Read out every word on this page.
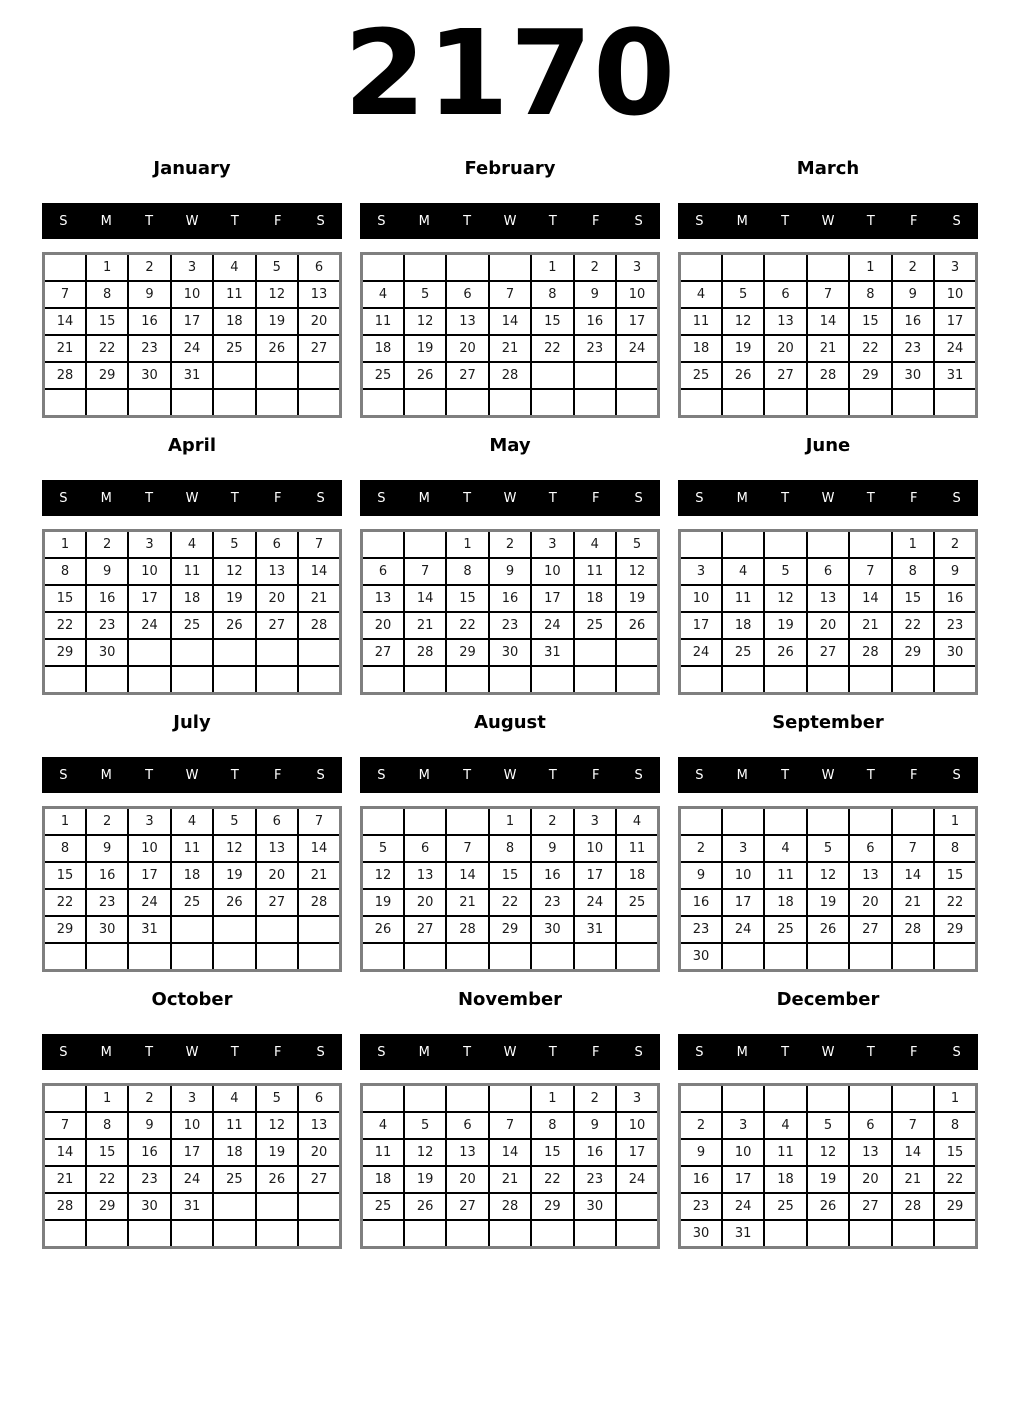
2170
January
S	M	T	W	T	F	S
	1	2	3	4	5	6
7	8	9	10	11	12	13
14	15	16	17	18	19	20
21	22	23	24	25	26	27
28	29	30	31			

February
S	M	T	W	T	F	S
				1	2	3
4	5	6	7	8	9	10
11	12	13	14	15	16	17
18	19	20	21	22	23	24
25	26	27	28			

March
S	M	T	W	T	F	S
				1	2	3
4	5	6	7	8	9	10
11	12	13	14	15	16	17
18	19	20	21	22	23	24
25	26	27	28	29	30	31

April
S	M	T	W	T	F	S
1	2	3	4	5	6	7
8	9	10	11	12	13	14
15	16	17	18	19	20	21
22	23	24	25	26	27	28
29	30					

May
S	M	T	W	T	F	S
		1	2	3	4	5
6	7	8	9	10	11	12
13	14	15	16	17	18	19
20	21	22	23	24	25	26
27	28	29	30	31		

June
S	M	T	W	T	F	S
					1	2
3	4	5	6	7	8	9
10	11	12	13	14	15	16
17	18	19	20	21	22	23
24	25	26	27	28	29	30

July
S	M	T	W	T	F	S
1	2	3	4	5	6	7
8	9	10	11	12	13	14
15	16	17	18	19	20	21
22	23	24	25	26	27	28
29	30	31				

August
S	M	T	W	T	F	S
			1	2	3	4
5	6	7	8	9	10	11
12	13	14	15	16	17	18
19	20	21	22	23	24	25
26	27	28	29	30	31	

September
S	M	T	W	T	F	S
						1
2	3	4	5	6	7	8
9	10	11	12	13	14	15
16	17	18	19	20	21	22
23	24	25	26	27	28	29
30						
October
S	M	T	W	T	F	S
	1	2	3	4	5	6
7	8	9	10	11	12	13
14	15	16	17	18	19	20
21	22	23	24	25	26	27
28	29	30	31			

November
S	M	T	W	T	F	S
				1	2	3
4	5	6	7	8	9	10
11	12	13	14	15	16	17
18	19	20	21	22	23	24
25	26	27	28	29	30	

December
S	M	T	W	T	F	S
						1
2	3	4	5	6	7	8
9	10	11	12	13	14	15
16	17	18	19	20	21	22
23	24	25	26	27	28	29
30	31					
